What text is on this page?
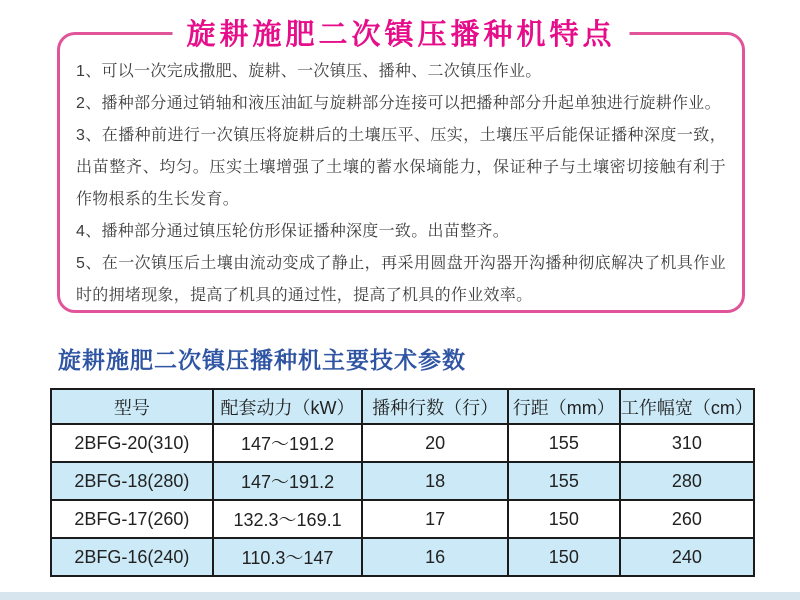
旋耕施肥二次镇压播种机特点

1、可以一次完成撒肥、旋耕、一次镇压、播种、二次镇压作业。

2、播种部分通过销轴和液压油缸与旋耕部分连接可以把播种部分升起单独进行旋耕作业。

3、在播种前进行一次镇压将旋耕后的土壤压平、压实，土壤压平后能保证播种深度一致，出苗整齐、均匀。压实土壤增强了土壤的蓄水保墒能力，保证种子与土壤密切接触有利于作物根系的生长发育。

4、播种部分通过镇压轮仿形保证播种深度一致。出苗整齐。

5、在一次镇压后土壤由流动变成了静止，再采用圆盘开沟器开沟播种彻底解决了机具作业时的拥堵现象，提高了机具的通过性，提高了机具的作业效率。

旋耕施肥二次镇压播种机主要技术参数
型号	配套动力（kW）	播种行数（行）	行距（mm）	工作幅宽（cm）
2BFG-20(310)	147～191.2	20	155	310
2BFG-18(280)	147～191.2	18	155	280
2BFG-17(260)	132.3～169.1	17	150	260
2BFG-16(240)	110.3～147	16	150	240
